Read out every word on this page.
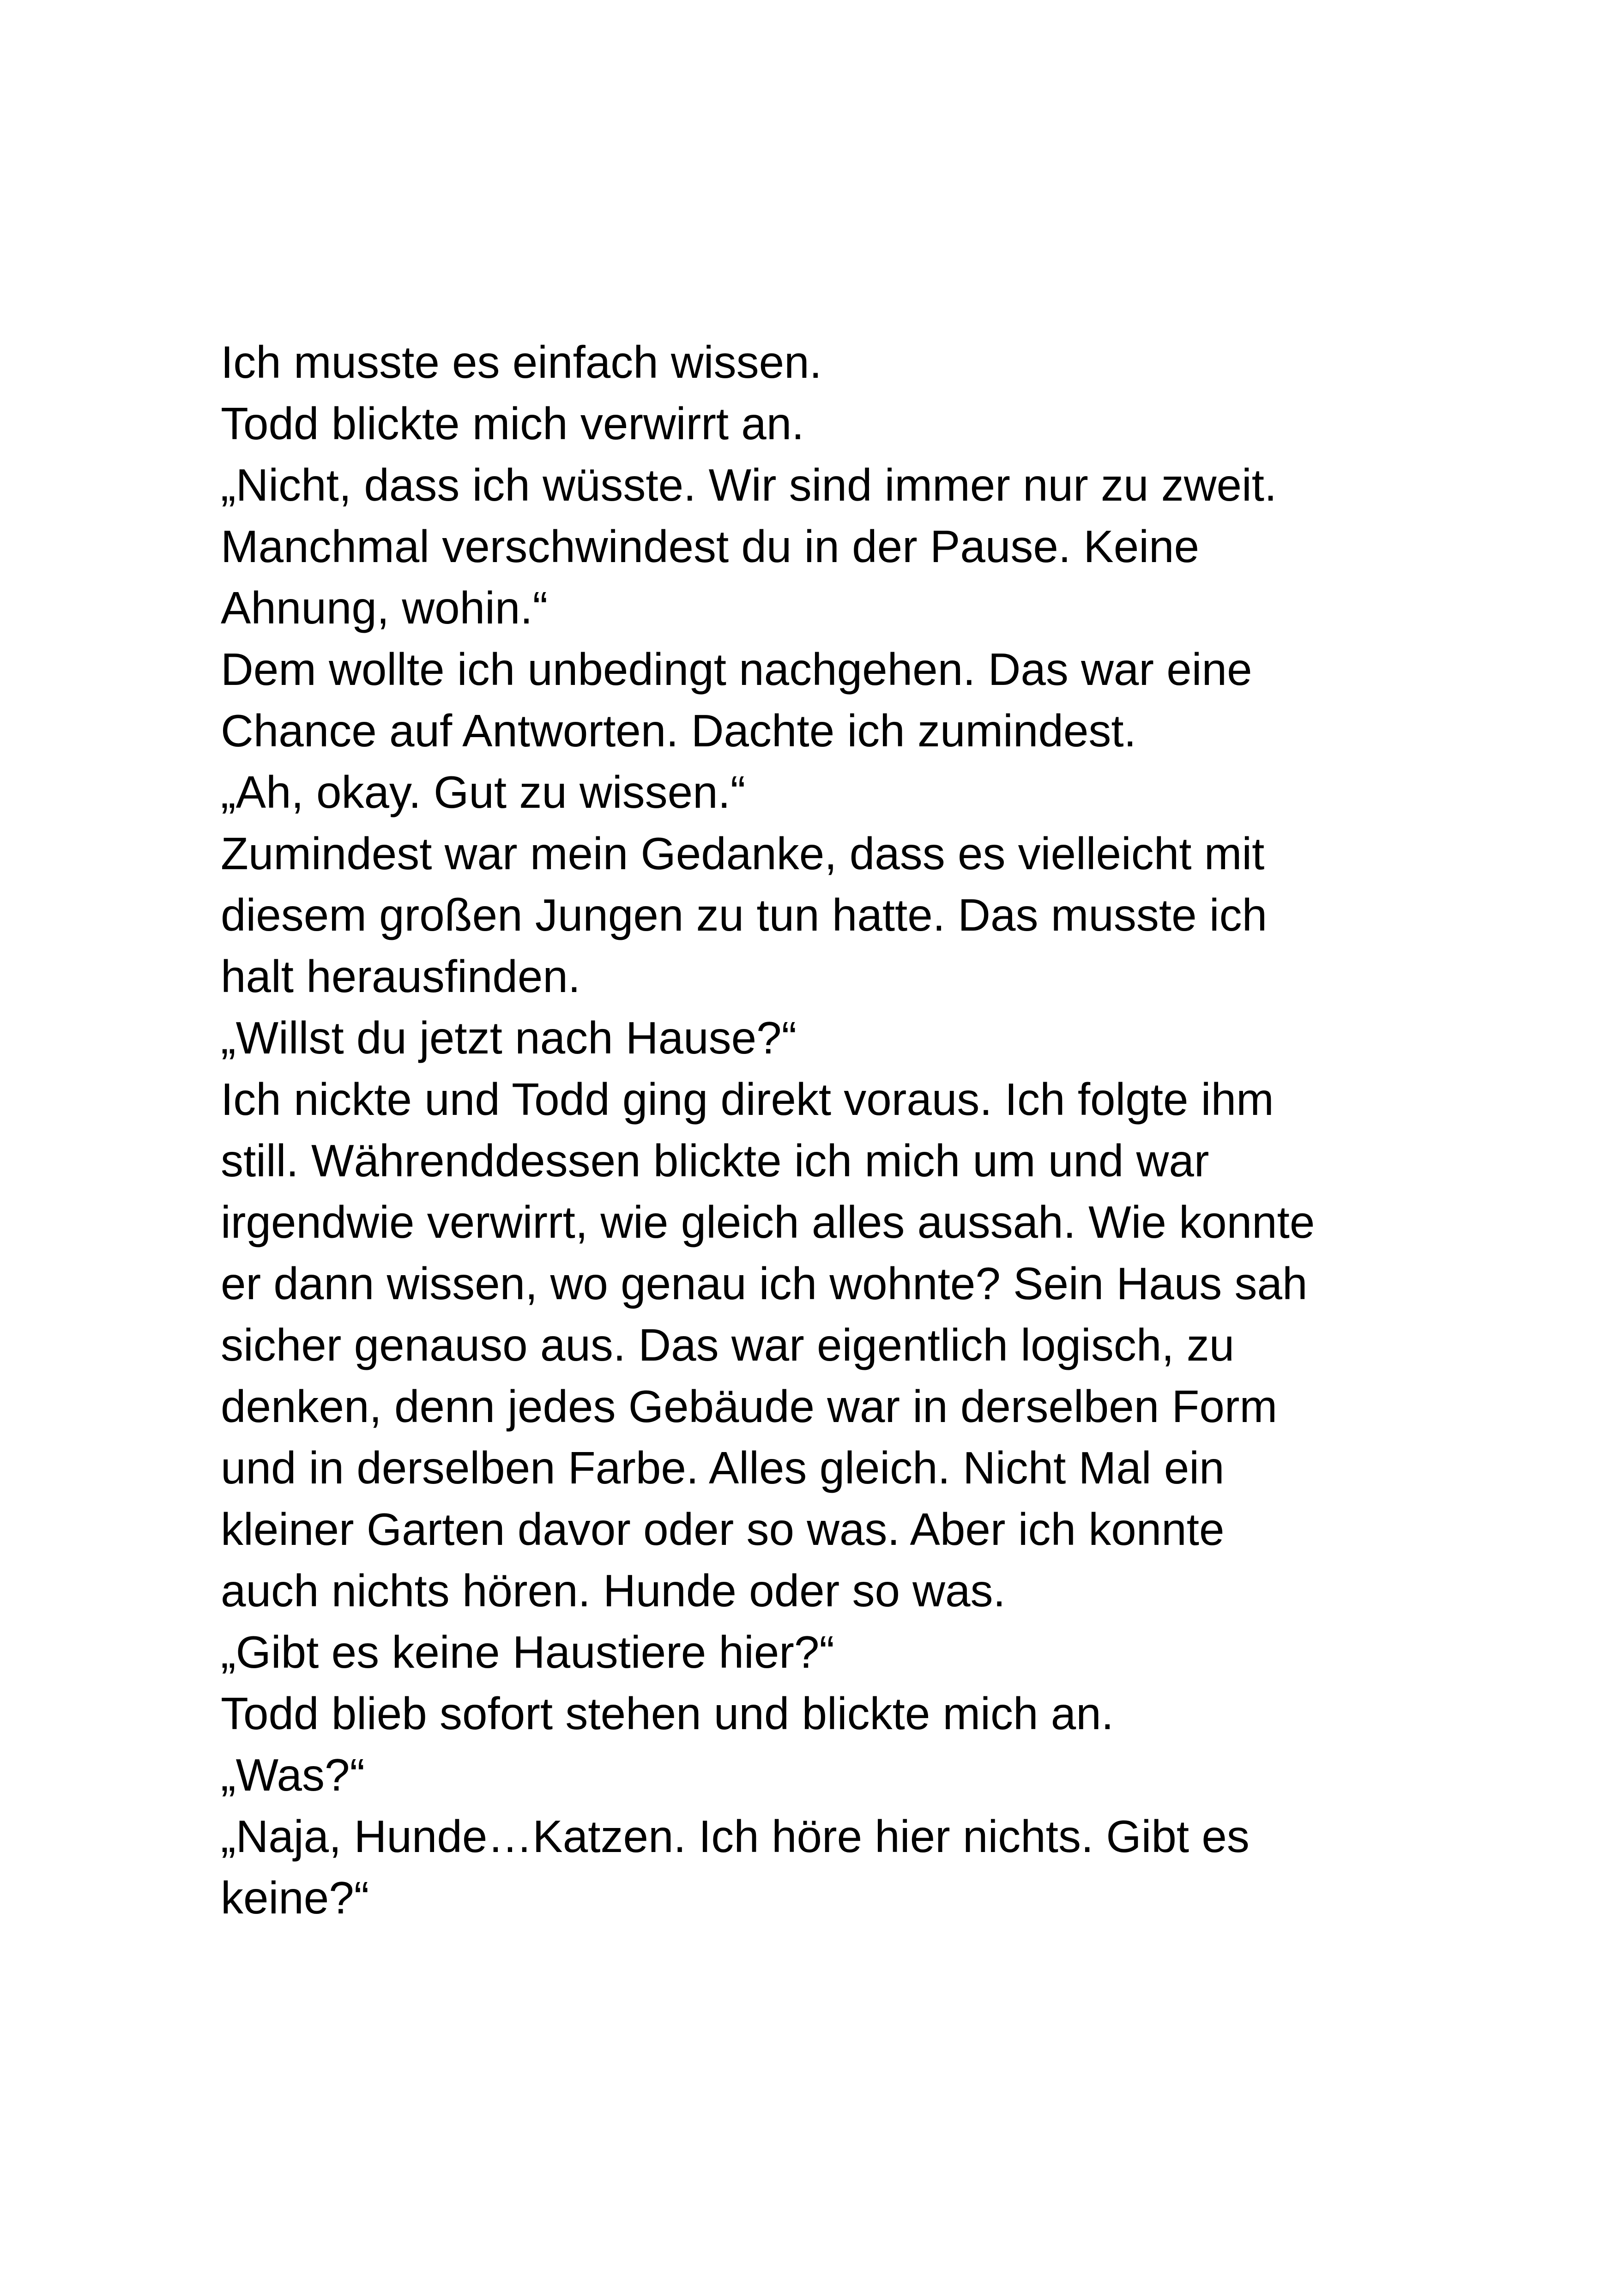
Ich musste es einfach wissen.
Todd blickte mich verwirrt an.
„Nicht, dass ich wüsste. Wir sind immer nur zu zweit.
Manchmal verschwindest du in der Pause. Keine
Ahnung, wohin.“
Dem wollte ich unbedingt nachgehen. Das war eine
Chance auf Antworten. Dachte ich zumindest.
„Ah, okay. Gut zu wissen.“
Zumindest war mein Gedanke, dass es vielleicht mit
diesem großen Jungen zu tun hatte. Das musste ich
halt herausfinden.
„Willst du jetzt nach Hause?“
Ich nickte und Todd ging direkt voraus. Ich folgte ihm
still. Währenddessen blickte ich mich um und war
irgendwie verwirrt, wie gleich alles aussah. Wie konnte
er dann wissen, wo genau ich wohnte? Sein Haus sah
sicher genauso aus. Das war eigentlich logisch, zu
denken, denn jedes Gebäude war in derselben Form
und in derselben Farbe. Alles gleich. Nicht Mal ein
kleiner Garten davor oder so was. Aber ich konnte
auch nichts hören. Hunde oder so was.
„Gibt es keine Haustiere hier?“
Todd blieb sofort stehen und blickte mich an.
„Was?“
„Naja, Hunde…Katzen. Ich höre hier nichts. Gibt es
keine?“
